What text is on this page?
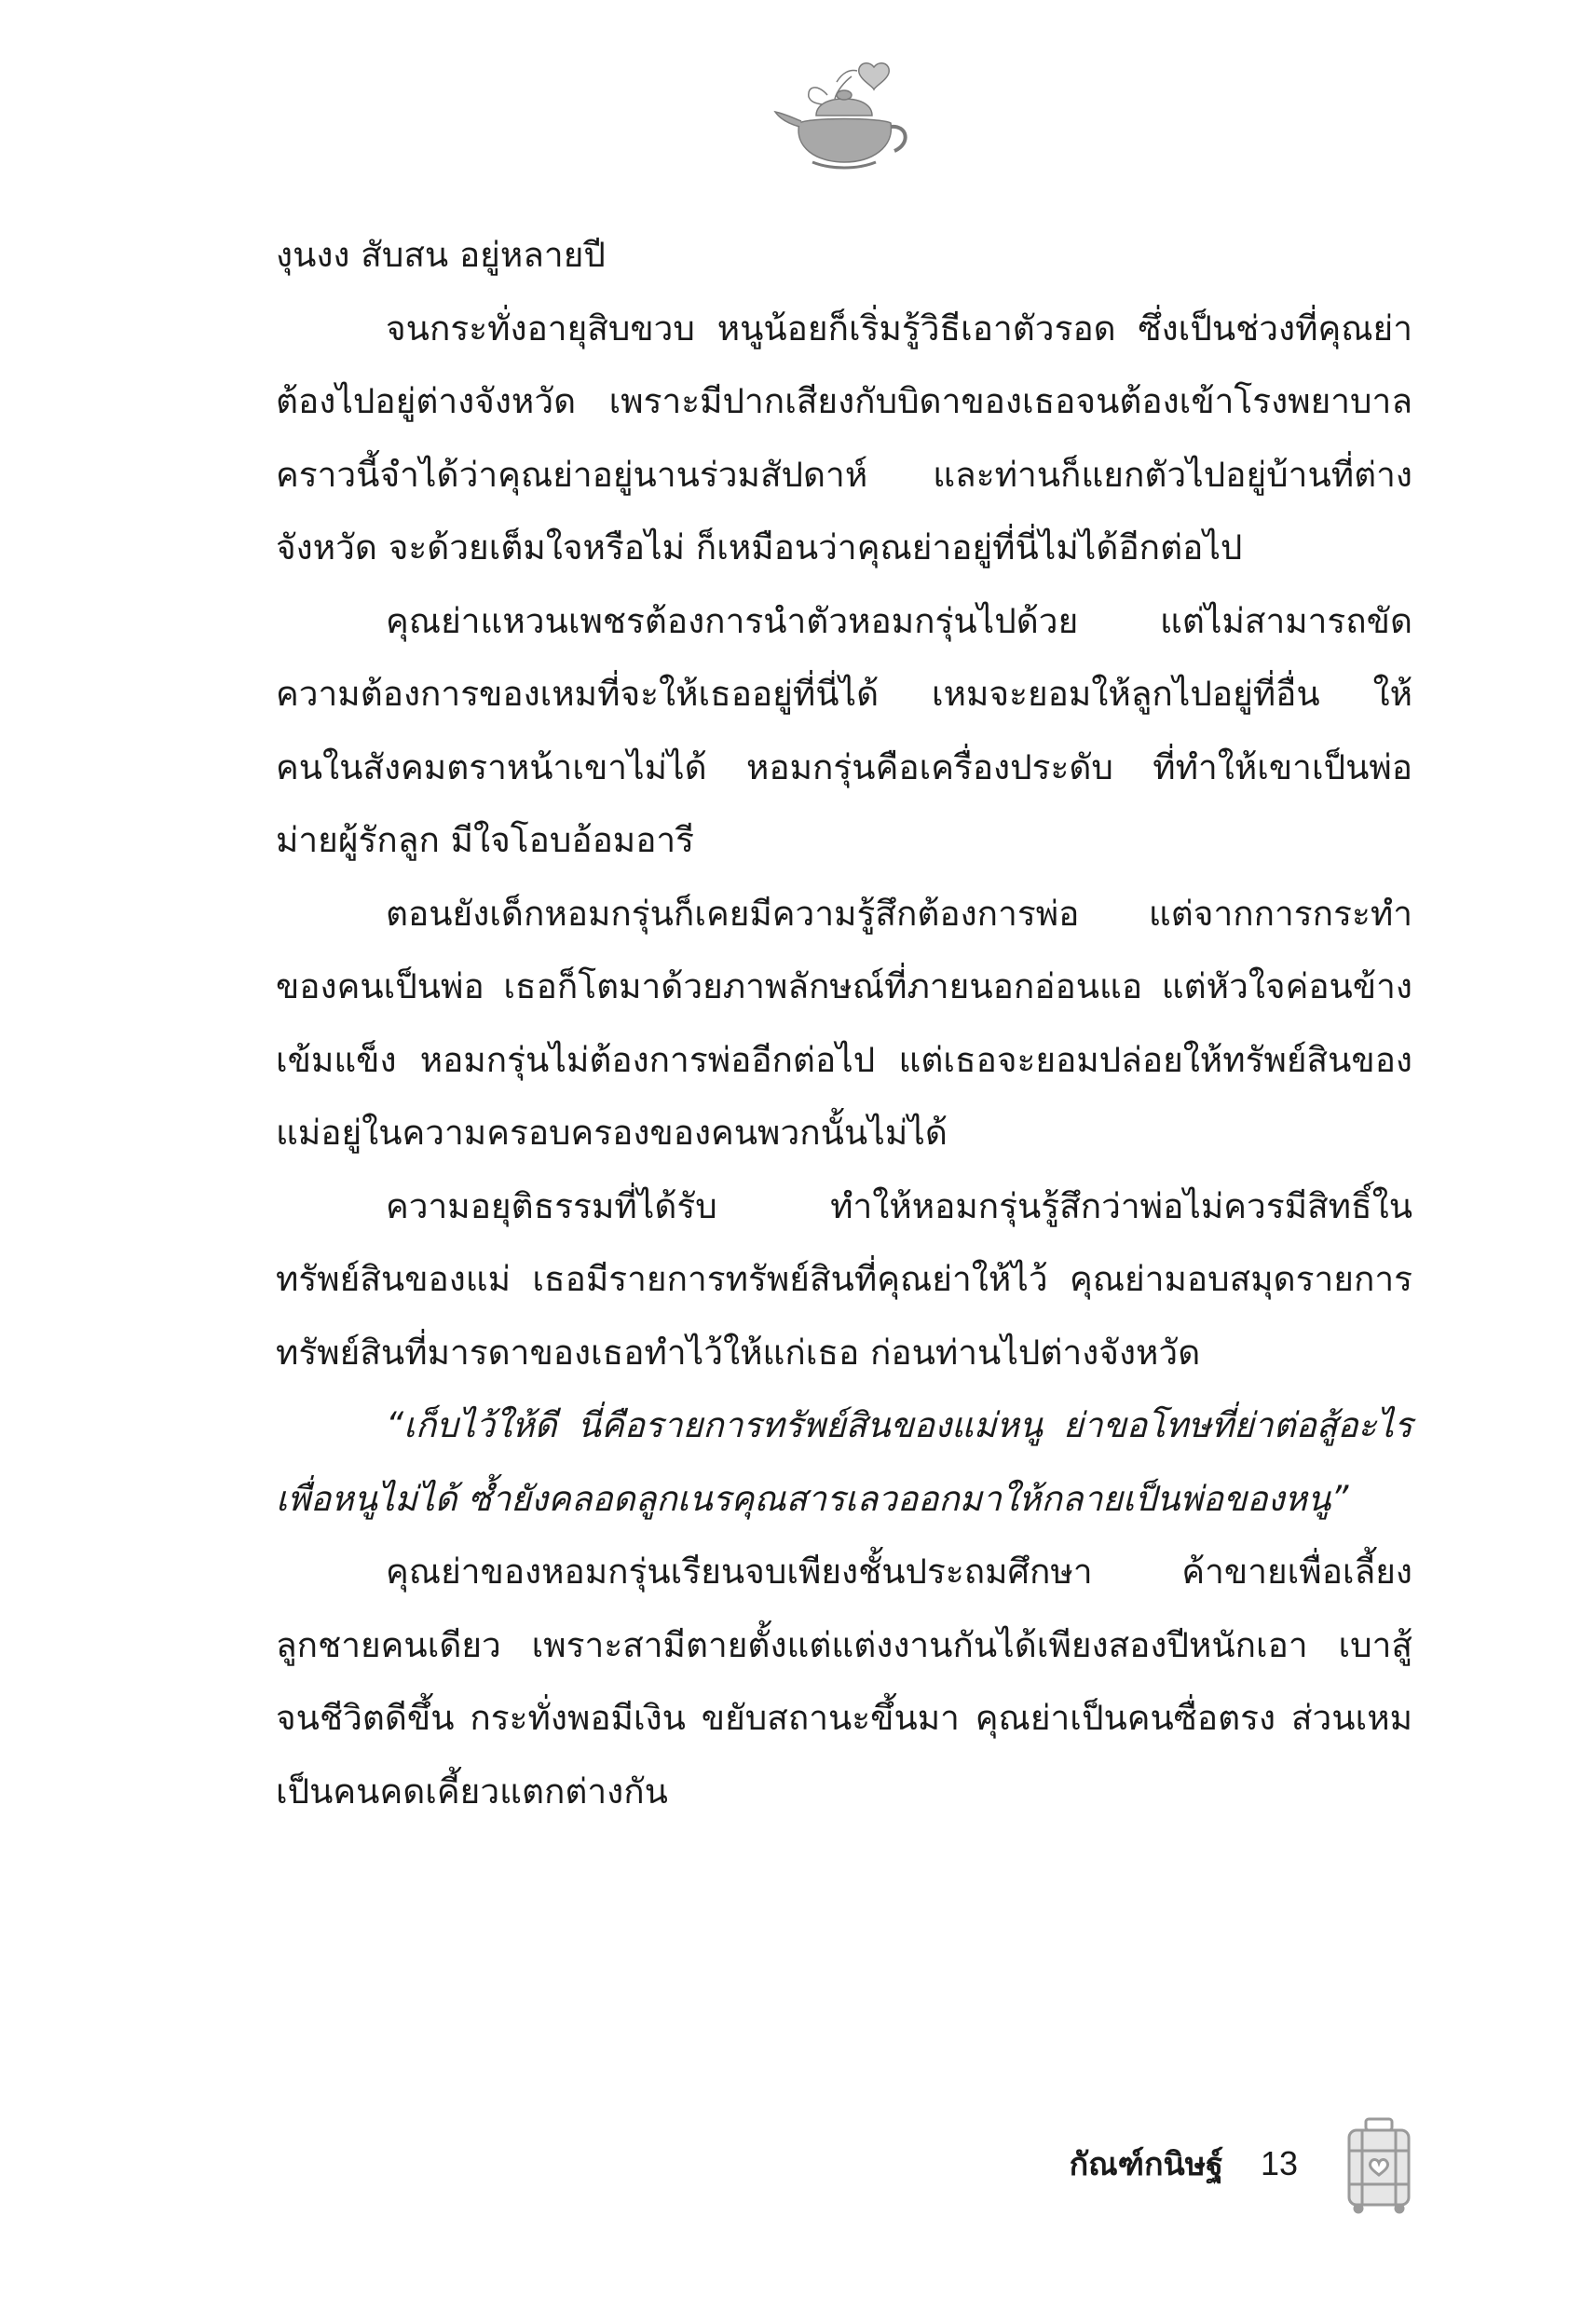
งุนงง สับสน อยู่หลายปี

จนกระทั่งอายุสิบขวบ หนูน้อยก็เริ่มรู้วิธีเอาตัวรอด ซึ่งเป็นช่วงที่คุณย่าต้องไปอยู่ต่างจังหวัด เพราะมีปากเสียงกับบิดาของเธอจนต้องเข้าโรงพยาบาล คราวนี้จำได้ว่าคุณย่าอยู่นานร่วมสัปดาห์ และท่านก็แยกตัวไปอยู่บ้านที่ต่างจังหวัด จะด้วยเต็มใจหรือไม่ ก็เหมือนว่าคุณย่าอยู่ที่นี่ไม่ได้อีกต่อไป

คุณย่าแหวนเพชรต้องการนำตัวหอมกรุ่นไปด้วย แต่ไม่สามารถขัดความต้องการของเหมที่จะให้เธออยู่ที่นี่ได้ เหมจะยอมให้ลูกไปอยู่ที่อื่น ให้คนในสังคมตราหน้าเขาไม่ได้ หอมกรุ่นคือเครื่องประดับ ที่ทำให้เขาเป็นพ่อม่ายผู้รักลูก มีใจโอบอ้อมอารี

ตอนยังเด็กหอมกรุ่นก็เคยมีความรู้สึกต้องการพ่อ แต่จากการกระทำของคนเป็นพ่อ เธอก็โตมาด้วยภาพลักษณ์ที่ภายนอกอ่อนแอ แต่หัวใจค่อนข้างเข้มแข็ง หอมกรุ่นไม่ต้องการพ่ออีกต่อไป แต่เธอจะยอมปล่อยให้ทรัพย์สินของแม่อยู่ในความครอบครองของคนพวกนั้นไม่ได้

ความอยุติธรรมที่ได้รับ ทำให้หอมกรุ่นรู้สึกว่าพ่อไม่ควรมีสิทธิ์ในทรัพย์สินของแม่ เธอมีรายการทรัพย์สินที่คุณย่าให้ไว้ คุณย่ามอบสมุดรายการทรัพย์สินที่มารดาของเธอทำไว้ให้แก่เธอ ก่อนท่านไปต่างจังหวัด

“เก็บไว้ให้ดี นี่คือรายการทรัพย์สินของแม่หนู ย่าขอโทษที่ย่าต่อสู้อะไรเพื่อหนูไม่ได้ ซ้ำยังคลอดลูกเนรคุณสารเลวออกมาให้กลายเป็นพ่อของหนู”

คุณย่าของหอมกรุ่นเรียนจบเพียงชั้นประถมศึกษา ค้าขายเพื่อเลี้ยงลูกชายคนเดียว เพราะสามีตายตั้งแต่แต่งงานกันได้เพียงสองปีหนักเอา เบาสู้ จนชีวิตดีขึ้น กระทั่งพอมีเงิน ขยับสถานะขึ้นมา คุณย่าเป็นคนซื่อตรง ส่วนเหมเป็นคนคดเคี้ยวแตกต่างกัน

กัณฑ์กนิษฐ์ 13
